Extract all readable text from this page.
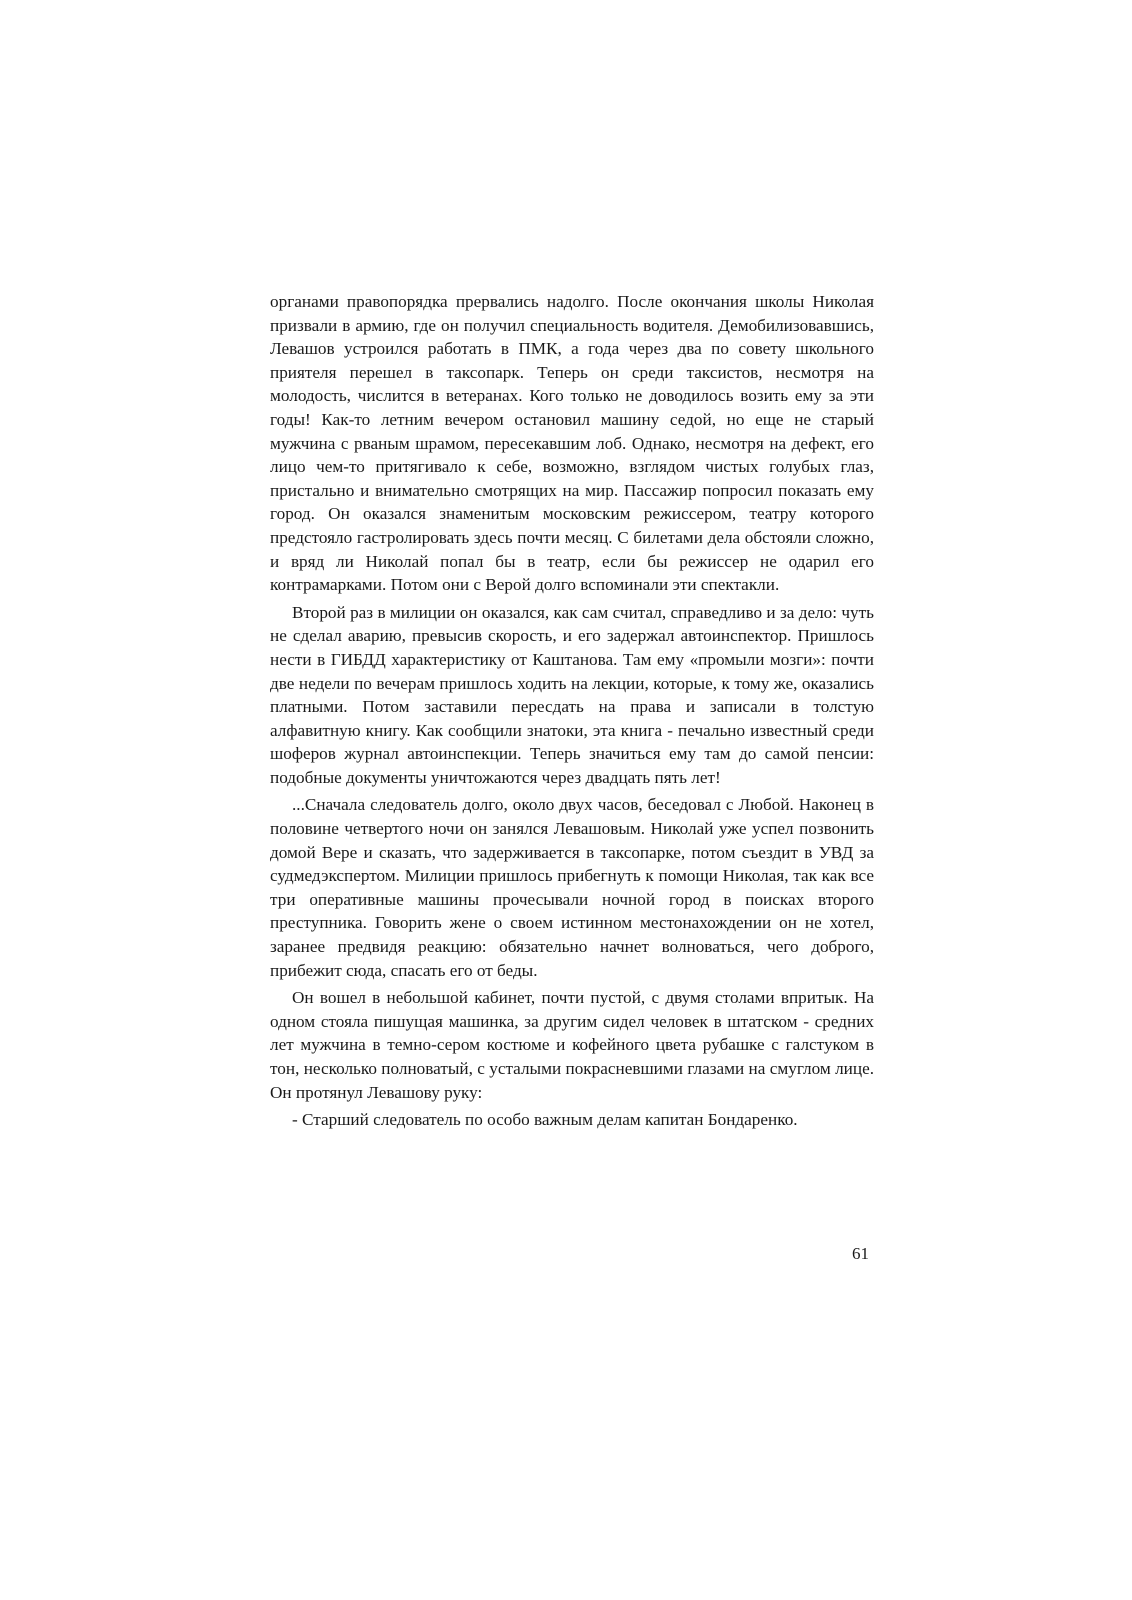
органами правопорядка прервались надолго. После окончания школы Николая призвали в армию, где он получил специальность водителя. Демобилизовавшись, Левашов устроился работать в ПМК, а года через два по совету школьного приятеля перешел в таксопарк. Теперь он среди таксистов, несмотря на молодость, числится в ветеранах. Кого только не доводилось возить ему за эти годы! Как-то летним вечером остановил машину седой, но еще не старый мужчина с рваным шрамом, пересекавшим лоб. Однако, несмотря на дефект, его лицо чем-то притягивало к себе, возможно, взглядом чистых голубых глаз, пристально и внимательно смотрящих на мир. Пассажир попросил показать ему город. Он оказался знаменитым московским режиссером, театру которого предстояло гастролировать здесь почти месяц. С билетами дела обстояли сложно, и вряд ли Николай попал бы в театр, если бы режиссер не одарил его контрамарками. Потом они с Верой долго вспоминали эти спектакли.

Второй раз в милиции он оказался, как сам считал, справедливо и за дело: чуть не сделал аварию, превысив скорость, и его задержал автоинспектор. Пришлось нести в ГИБДД характеристику от Каштанова. Там ему «промыли мозги»: почти две недели по вечерам пришлось ходить на лекции, которые, к тому же, оказались платными. Потом заставили пересдать на права и записали в толстую алфавитную книгу. Как сообщили знатоки, эта книга - печально известный среди шоферов журнал автоинспекции. Теперь значиться ему там до самой пенсии: подобные документы уничтожаются через двадцать пять лет!

...Сначала следователь долго, около двух часов, беседовал с Любой. Наконец в половине четвертого ночи он занялся Левашовым. Николай уже успел позвонить домой Вере и сказать, что задерживается в таксопарке, потом съездит в УВД за судмедэкспертом. Милиции пришлось прибегнуть к помощи Николая, так как все три оперативные машины прочесывали ночной город в поисках второго преступника. Говорить жене о своем истинном местонахождении он не хотел, заранее предвидя реакцию: обязательно начнет волноваться, чего доброго, прибежит сюда, спасать его от беды.

Он вошел в небольшой кабинет, почти пустой, с двумя столами впритык. На одном стояла пишущая машинка, за другим сидел человек в штатском - средних лет мужчина в темно-сером костюме и кофейного цвета рубашке с галстуком в тон, несколько полноватый, с усталыми покрасневшими глазами на смуглом лице. Он протянул Левашову руку:

- Старший следователь по особо важным делам капитан Бондаренко.

61
